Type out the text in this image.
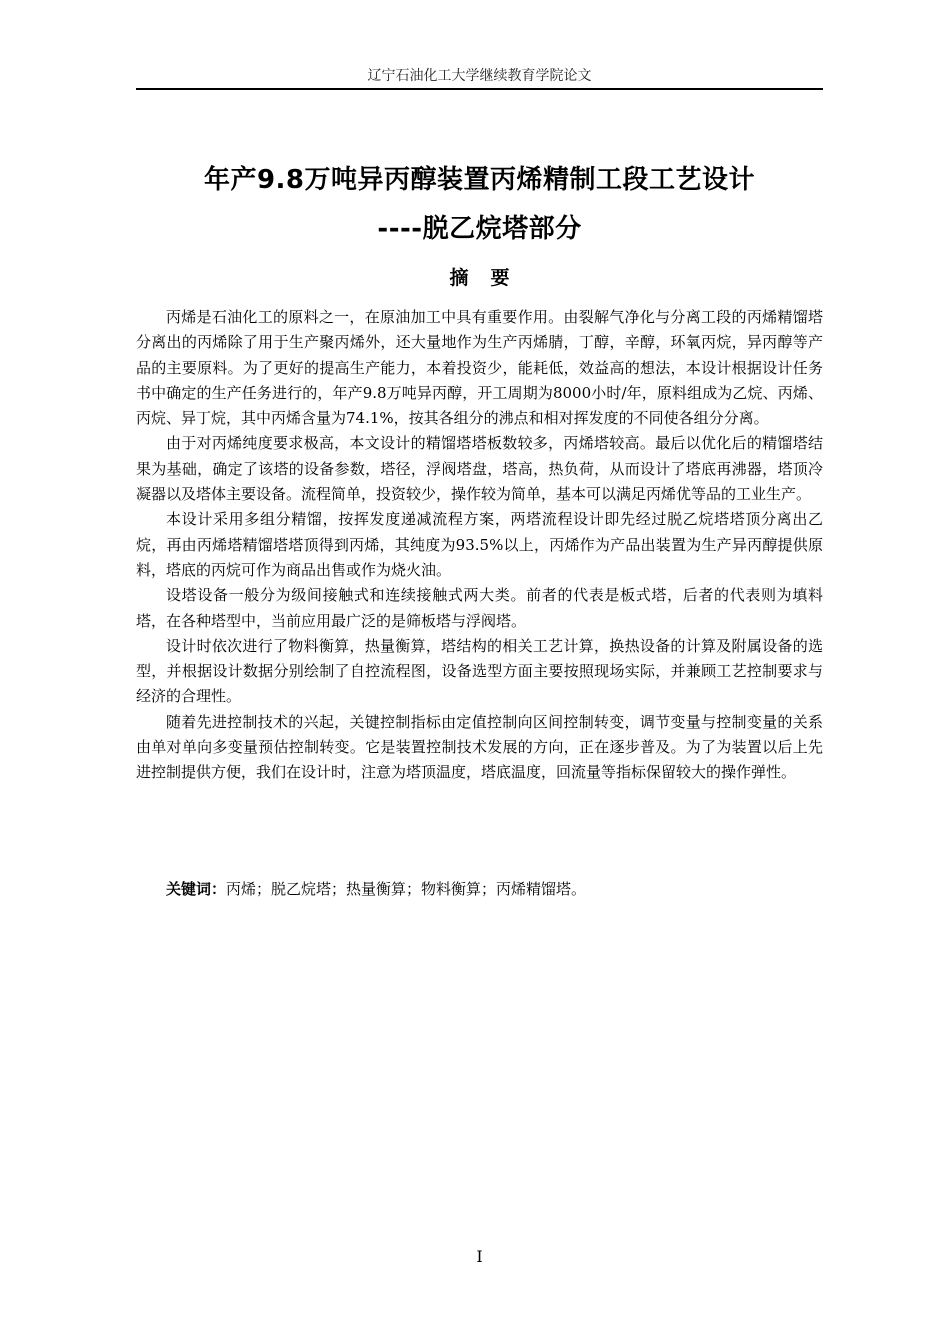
辽宁石油化工大学继续教育学院论文
年产9.8万吨异丙醇装置丙烯精制工段工艺设计
----脱乙烷塔部分
摘要

丙烯是石油化工的原料之一，在原油加工中具有重要作用。由裂解气净化与分离工段的丙烯精馏塔分离出的丙烯除了用于生产聚丙烯外，还大量地作为生产丙烯腈，丁醇，辛醇，环氧丙烷，异丙醇等产品的主要原料。为了更好的提高生产能力，本着投资少，能耗低，效益高的想法，本设计根据设计任务书中确定的生产任务进行的，年产9.8万吨异丙醇，开工周期为8000小时/年，原料组成为乙烷、丙烯、丙烷、异丁烷，其中丙烯含量为74.1%，按其各组分的沸点和相对挥发度的不同使各组分分离。

由于对丙烯纯度要求极高，本文设计的精馏塔塔板数较多，丙烯塔较高。最后以优化后的精馏塔结果为基础，确定了该塔的设备参数，塔径，浮阀塔盘，塔高，热负荷，从而设计了塔底再沸器，塔顶冷凝器以及塔体主要设备。流程简单，投资较少，操作较为简单，基本可以满足丙烯优等品的工业生产。

本设计采用多组分精馏，按挥发度递减流程方案，两塔流程设计即先经过脱乙烷塔塔顶分离出乙烷，再由丙烯塔精馏塔塔顶得到丙烯，其纯度为93.5%以上，丙烯作为产品出装置为生产异丙醇提供原料，塔底的丙烷可作为商品出售或作为烧火油。

设塔设备一般分为级间接触式和连续接触式两大类。前者的代表是板式塔，后者的代表则为填料塔，在各种塔型中，当前应用最广泛的是筛板塔与浮阀塔。

设计时依次进行了物料衡算，热量衡算，塔结构的相关工艺计算，换热设备的计算及附属设备的选型，并根据设计数据分别绘制了自控流程图，设备选型方面主要按照现场实际，并兼顾工艺控制要求与经济的合理性。

随着先进控制技术的兴起，关键控制指标由定值控制向区间控制转变，调节变量与控制变量的关系由单对单向多变量预估控制转变。它是装置控制技术发展的方向，正在逐步普及。为了为装置以后上先进控制提供方便，我们在设计时，注意为塔顶温度，塔底温度，回流量等指标保留较大的操作弹性。

关键词：丙烯；脱乙烷塔；热量衡算；物料衡算；丙烯精馏塔。
I
